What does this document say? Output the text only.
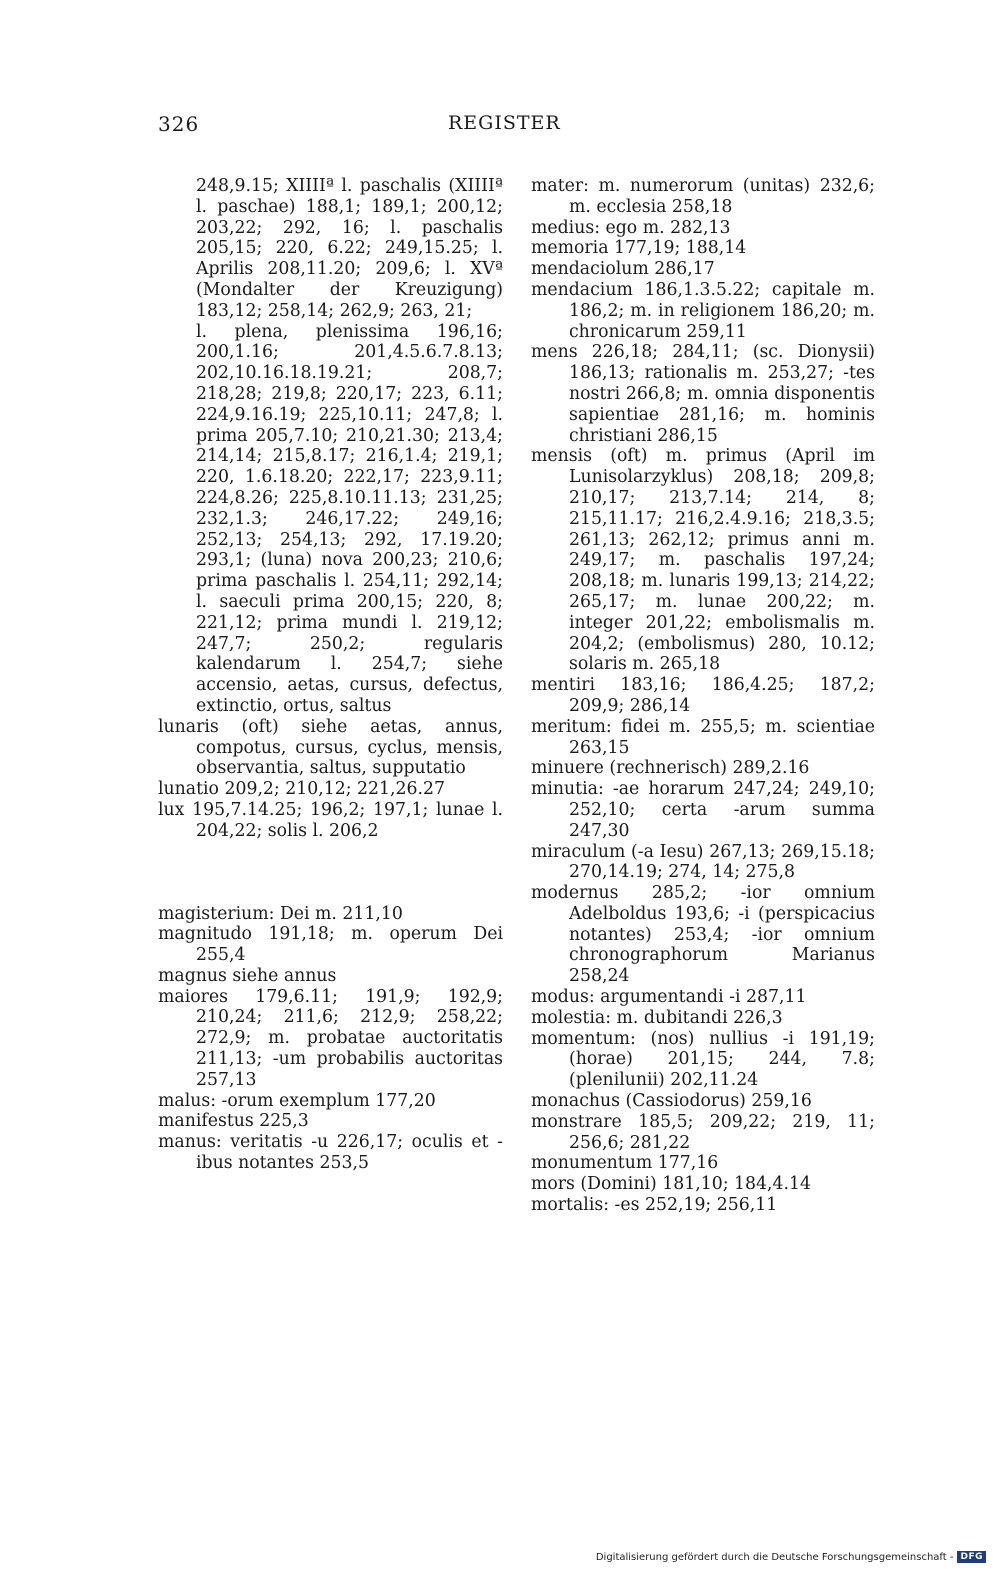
326	REGISTER

248,9.15; XIIIIª l. paschalis (XIIIIª l. paschae) 188,1; 189,1; 200,12; 203,22; 292, 16; l. paschalis 205,15; 220, 6.22; 249,15.25; l. Aprilis 208,11.20; 209,6; l. XVª (Mondalter der Kreuzigung) 183,12; 258,14; 262,9; 263, 21;

l. plena, plenissima 196,16; 200,1.16; 201,4.5.6.7.8.13; 202,10.16.18.19.21; 208,7; 218,28; 219,8; 220,17; 223, 6.11; 224,9.16.19; 225,10.11; 247,8; l. prima 205,7.10; 210,21.30; 213,4; 214,14; 215,8.17; 216,1.4; 219,1; 220, 1.6.18.20; 222,17; 223,9.11; 224,8.26; 225,8.10.11.13; 231,25; 232,1.3; 246,17.22; 249,16; 252,13; 254,13; 292, 17.19.20; 293,1; (luna) nova 200,23; 210,6; prima paschalis l. 254,11; 292,14; l. saeculi prima 200,15; 220, 8; 221,12; prima mundi l. 219,12; 247,7; 250,2; regularis kalendarum l. 254,7; siehe accensio, aetas, cursus, defectus, extinctio, ortus, saltus

lunaris (oft) siehe aetas, annus, compotus, cursus, cyclus, mensis, observantia, saltus, supputatio

lunatio 209,2; 210,12; 221,26.27

lux 195,7.14.25; 196,2; 197,1; lunae l. 204,22; solis l. 206,2

magisterium: Dei m. 211,10

magnitudo 191,18; m. operum Dei 255,4

magnus siehe annus

maiores 179,6.11; 191,9; 192,9; 210,24; 211,6; 212,9; 258,22; 272,9; m. probatae auctoritatis 211,13; -um probabilis auctoritas 257,13

malus: -orum exemplum 177,20

manifestus 225,3

manus: veritatis -u 226,17; oculis et -ibus notantes 253,5

mater: m. numerorum (unitas) 232,6; m. ecclesia 258,18

medius: ego m. 282,13

memoria 177,19; 188,14

mendaciolum 286,17

mendacium 186,1.3.5.22; capitale m. 186,2; m. in religionem 186,20; m. chronicarum 259,11

mens 226,18; 284,11; (sc. Dionysii) 186,13; rationalis m. 253,27; -tes nostri 266,8; m. omnia disponentis sapientiae 281,16; m. hominis christiani 286,15

mensis (oft) m. primus (April im Lunisolarzyklus) 208,18; 209,8; 210,17; 213,7.14; 214, 8; 215,11.17; 216,2.4.9.16; 218,3.5; 261,13; 262,12; primus anni m. 249,17; m. paschalis 197,24; 208,18; m. lunaris 199,13; 214,22; 265,17; m. lunae 200,22; m. integer 201,22; embolismalis m. 204,2; (embolismus) 280, 10.12; solaris m. 265,18

mentiri 183,16; 186,4.25; 187,2; 209,9; 286,14

meritum: fidei m. 255,5; m. scientiae 263,15

minuere (rechnerisch) 289,2.16

minutia: -ae horarum 247,24; 249,10; 252,10; certa -arum summa 247,30

miraculum (-a Iesu) 267,13; 269,15.18; 270,14.19; 274, 14; 275,8

modernus 285,2; -ior omnium Adelboldus 193,6; -i (perspicacius notantes) 253,4; -ior omnium chronographorum Marianus 258,24

modus: argumentandi -i 287,11

molestia: m. dubitandi 226,3

momentum: (nos) nullius -i 191,19; (horae) 201,15; 244, 7.8; (plenilunii) 202,11.24

monachus (Cassiodorus) 259,16

monstrare 185,5; 209,22; 219, 11; 256,6; 281,22

monumentum 177,16

mors (Domini) 181,10; 184,4.14

mortalis: -es 252,19; 256,11

Digitalisierung gefördert durch die Deutsche Forschungsgemeinschaft - DFG
